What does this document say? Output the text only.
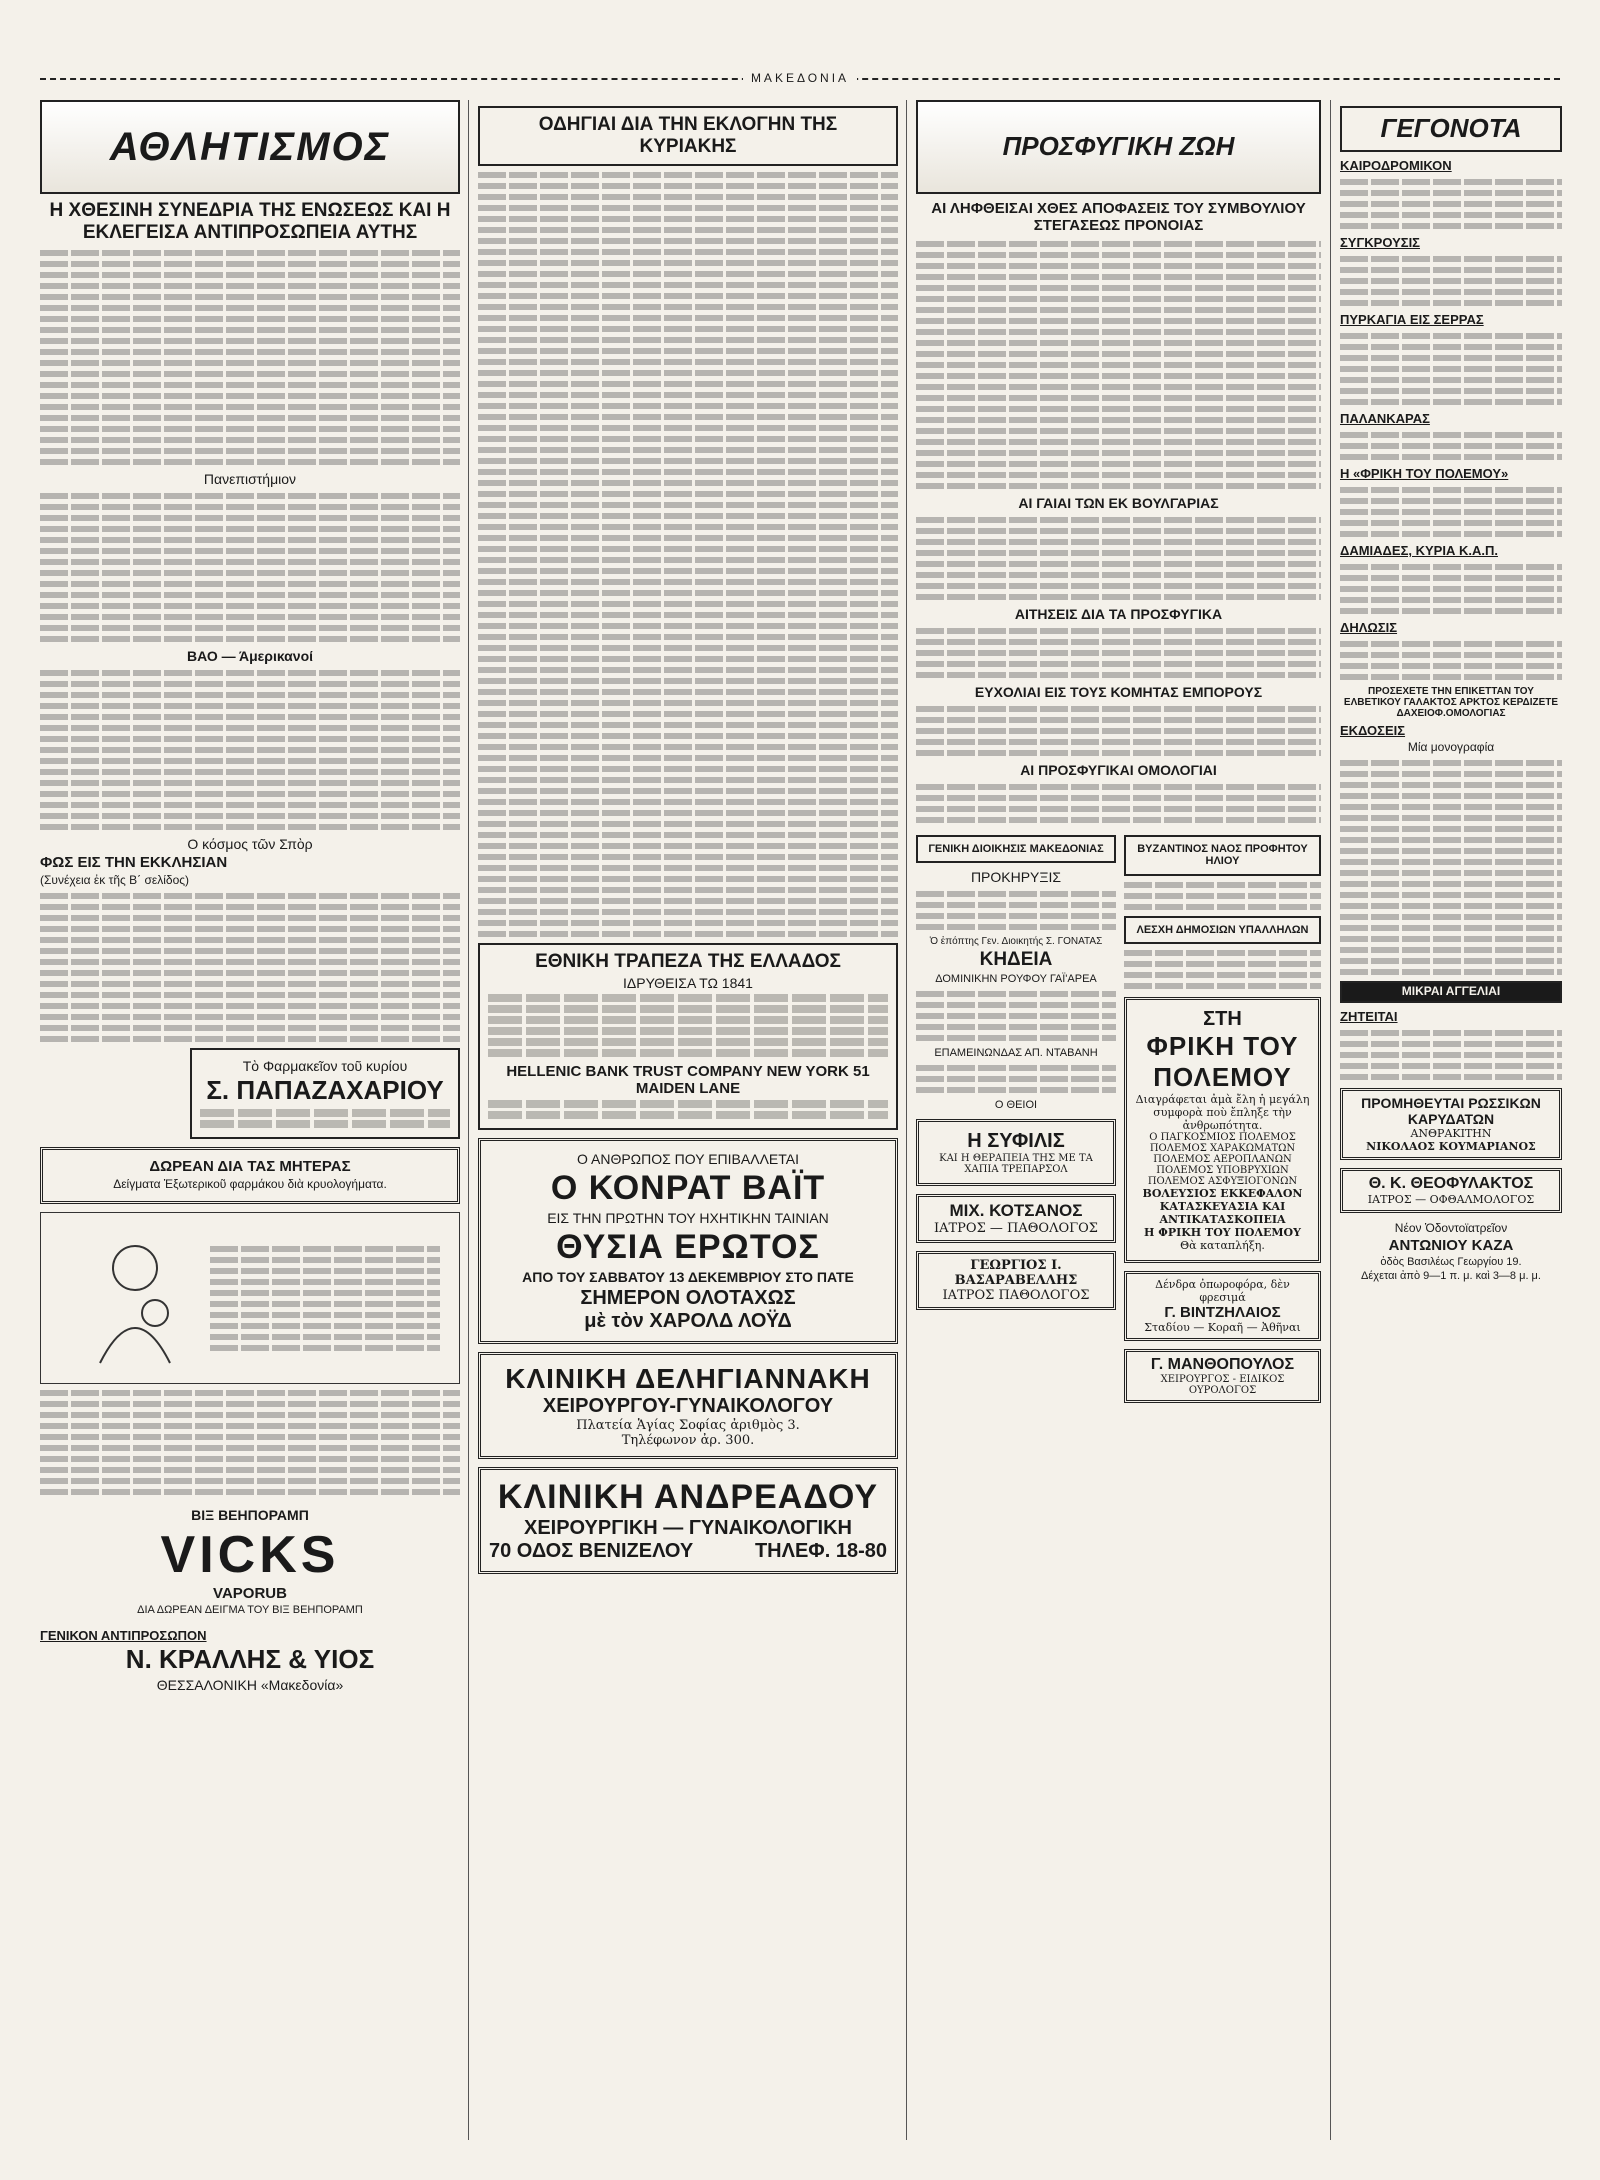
ΜΑΚΕΔΟΝΙΑ
ΑΘΛΗΤΙΣΜΟΣ
Η ΧΘΕΣΙΝΗ ΣΥΝΕΔΡΙΑ ΤΗΣ ΕΝΩΣΕΩΣ ΚΑΙ Η ΕΚΛΕΓΕΙΣΑ ΑΝΤΙΠΡΟΣΩΠΕΙΑ ΑΥΤΗΣ
Πανεπιστήμιον
ΒΑΟ — Άμερικανοί
Ο κόσμος τῶν Σπὸρ
ΦΩΣ ΕΙΣ ΤΗΝ ΕΚΚΛΗΣΙΑΝ
(Συνέχεια ἐκ τῆς Β΄ σελίδος)
Τὸ Φαρμακεῖον τοῦ κυρίου
Σ. ΠΑΠΑΖΑΧΑΡΙΟΥ
ΔΩΡΕΑΝ ΔΙΑ ΤΑΣ ΜΗΤΕΡΑΣ
Δείγματα Ἐξωτερικοῦ φαρμάκου διὰ κρυολογήματα.
ΒΙΞ ΒΕΗΠΟΡΑΜΠ
VICKS
VAPORUB
ΔΙΑ ΔΩΡΕΑΝ ΔΕΙΓΜΑ ΤΟΥ ΒΙΞ ΒΕΗΠΟΡΑΜΠ
ΓΕΝΙΚΟΝ ΑΝΤΙΠΡΟΣΩΠΟΝ
Ν. ΚΡΑΛΛΗΣ & ΥΙΟΣ
ΘΕΣΣΑΛΟΝΙΚΗ «Μακεδονία»
ΟΔΗΓΙΑΙ ΔΙΑ ΤΗΝ ΕΚΛΟΓΗΝ ΤΗΣ ΚΥΡΙΑΚΗΣ
ΕΘΝΙΚΗ ΤΡΑΠΕΖΑ ΤΗΣ ΕΛΛΑΔΟΣ
ΙΔΡΥΘΕΙΣΑ ΤΩ 1841
HELLENIC BANK TRUST COMPANY NEW YORK 51 MAIDEN LANE
Ο ΑΝΘΡΩΠΟΣ ΠΟΥ ΕΠΙΒΑΛΛΕΤΑΙ
Ο ΚΟΝΡΑΤ ΒΑΪΤ
ΕΙΣ ΤΗΝ ΠΡΩΤΗΝ ΤΟΥ ΗΧΗΤΙΚΗΝ ΤΑΙΝΙΑΝ
ΘΥΣΙΑ ΕΡΩΤΟΣ
ΑΠΟ ΤΟΥ ΣΑΒΒΑΤΟΥ 13 ΔΕΚΕΜΒΡΙΟΥ ΣΤΟ ΠΑΤΕ
ΣΗΜΕΡΟΝ ΟΛΟΤΑΧΩΣ
μὲ τὸν ΧΑΡΟΛΔ ΛΟΫΔ
ΚΛΙΝΙΚΗ ΔΕΛΗΓΙΑΝΝΑΚΗ
ΧΕΙΡΟΥΡΓΟΥ-ΓΥΝΑΙΚΟΛΟΓΟΥ
Πλατεία Ἁγίας Σοφίας ἀριθμὸς 3.
Τηλέφωνον ἀρ. 300.
ΚΛΙΝΙΚΗ ΑΝΔΡΕΑΔΟΥ
ΧΕΙΡΟΥΡΓΙΚΗ — ΓΥΝΑΙΚΟΛΟΓΙΚΗ
70 ΟΔΟΣ ΒΕΝΙΖΕΛΟΥ	ΤΗΛΕΦ. 18-80
ΠΡΟΣΦΥΓΙΚΗ ΖΩΗ
ΑΙ ΛΗΦΘΕΙΣΑΙ ΧΘΕΣ ΑΠΟΦΑΣΕΙΣ ΤΟΥ ΣΥΜΒΟΥΛΙΟΥ ΣΤΕΓΑΣΕΩΣ ΠΡΟΝΟΙΑΣ
ΑΙ ΓΑΙΑΙ ΤΩΝ ΕΚ ΒΟΥΛΓΑΡΙΑΣ
ΑΙΤΗΣΕΙΣ ΔΙΑ ΤΑ ΠΡΟΣΦΥΓΙΚΑ
ΕΥΧΟΛΙΑΙ ΕΙΣ ΤΟΥΣ ΚΟΜΗΤΑΣ ΕΜΠΟΡΟΥΣ
ΑΙ ΠΡΟΣΦΥΓΙΚΑΙ ΟΜΟΛΟΓΙΑΙ
ΓΕΝΙΚΗ ΔΙΟΙΚΗΣΙΣ ΜΑΚΕΔΟΝΙΑΣ
ΠΡΟΚΗΡΥΞΙΣ
Ὁ ἐπόπτης Γεν. Διοικητής Σ. ΓΟΝΑΤΑΣ
ΚΗΔΕΙΑ
ΔΟΜΙΝΙΚΗΝ ΡΟΥΦΟΥ ΓΑΪ'ΑΡΕΑ
ΕΠΑΜΕΙΝΩΝΔΑΣ ΑΠ. ΝΤΑΒΑΝΗ
Ο ΘΕΙΟΙ
Η ΣΥΦΙΛΙΣ
ΚΑΙ Η ΘΕΡΑΠΕΙΑ ΤΗΣ ΜΕ ΤΑ ΧΑΠΙΑ ΤΡΕΠΑΡΣΟΛ
ΜΙΧ. ΚΟΤΣΑΝΟΣ
ΙΑΤΡΟΣ — ΠΑΘΟΛΟΓΟΣ
ΓΕΩΡΓΙΟΣ Ι. ΒΑΣΑΡΑΒΕΛΛΗΣ
ΙΑΤΡΟΣ ΠΑΘΟΛΟΓΟΣ
ΒΥΖΑΝΤΙΝΟΣ ΝΑΟΣ ΠΡΟΦΗΤΟΥ ΗΛΙΟΥ
ΛΕΣΧΗ ΔΗΜΟΣΙΩΝ ΥΠΑΛΛΗΛΩΝ
ΣΤΗ
ΦΡΙΚΗ ΤΟΥ ΠΟΛΕΜΟΥ
Διαγράφεται ἀμὰ ἔλη ἡ μεγάλη συμφορὰ ποὺ ἔπληξε τὴν ἀνθρωπότητα.
Ο ΠΑΓΚΟΣΜΙΟΣ ΠΟΛΕΜΟΣ
ΠΟΛΕΜΟΣ ΧΑΡΑΚΩΜΑΤΩΝ
ΠΟΛΕΜΟΣ ΑΕΡΟΠΛΑΝΩΝ
ΠΟΛΕΜΟΣ ΥΠΟΒΡΥΧΙΩΝ
ΠΟΛΕΜΟΣ ΑΣΦΥΞΙΟΓΟΝΩΝ
ΒΟΛΕΥΣΙΟΣ ΕΚΚΕΦΑΛΟΝ
ΚΑΤΑΣΚΕΥΑΣΙΑ ΚΑΙ ΑΝΤΙΚΑΤΑΣΚΟΠΕΙΑ
Η ΦΡΙΚΗ ΤΟΥ ΠΟΛΕΜΟΥ
Θὰ καταπλήξη.
Δένδρα ὀπωροφόρα, δὲν φρεσιμά
Γ. ΒΙΝΤΖΗΛΑΙΟΣ
Σταδίου — Κοραῆ — Ἀθῆναι
Γ. ΜΑΝΘΟΠΟΥΛΟΣ
ΧΕΙΡΟΥΡΓΟΣ - ΕΙΔΙΚΟΣ ΟΥΡΟΛΟΓΟΣ
ΓΕΓΟΝΟΤΑ
ΚΑΙΡΟΔΡΟΜΙΚΟΝ
ΣΥΓΚΡΟΥΣΙΣ
ΠΥΡΚΑΓΙΑ ΕΙΣ ΣΕΡΡΑΣ
ΠΑΛΑΝΚΑΡΑΣ
Η «ΦΡΙΚΗ ΤΟΥ ΠΟΛΕΜΟΥ»
ΔΑΜΙΑΔΕΣ, ΚΥΡΙΑ Κ.Α.Π.
ΔΗΛΩΣΙΣ
ΠΡΟΣΕΧΕΤΕ ΤΗΝ ΕΠΙΚΕΤΤΑΝ ΤΟΥ ΕΛΒΕΤΙΚΟΥ ΓΑΛΑΚΤΟΣ ΑΡΚΤΟΣ ΚΕΡΔΙΖΕΤΕ ΔΑΧΕΙΟΦ.ΟΜΟΛΟΓΙΑΣ
ΕΚΔΟΣΕΙΣ
Μία μονογραφία
ΜΙΚΡΑΙ ΑΓΓΕΛΙΑΙ
ΖΗΤΕΙΤΑΙ
ΠΡΟΜΗΘΕΥΤΑΙ ΡΩΣΣΙΚΩΝ ΚΑΡΥΔΑΤΩΝ
ΑΝΘΡΑΚΙΤΗΝ
ΝΙΚΟΛΑΟΣ ΚΟΥΜΑΡΙΑΝΟΣ
Θ. Κ. ΘΕΟΦΥΛΑΚΤΟΣ
ΙΑΤΡΟΣ — ΟΦΘΑΛΜΟΛΟΓΟΣ
Νέον Ὀδοντοϊατρεῖον
ΑΝΤΩΝΙΟΥ ΚΑΖΑ
ὁδὸς Βασιλέως Γεωργίου 19.
Δέχεται ἀπὸ 9—1 π. μ. καὶ 3—8 μ. μ.
